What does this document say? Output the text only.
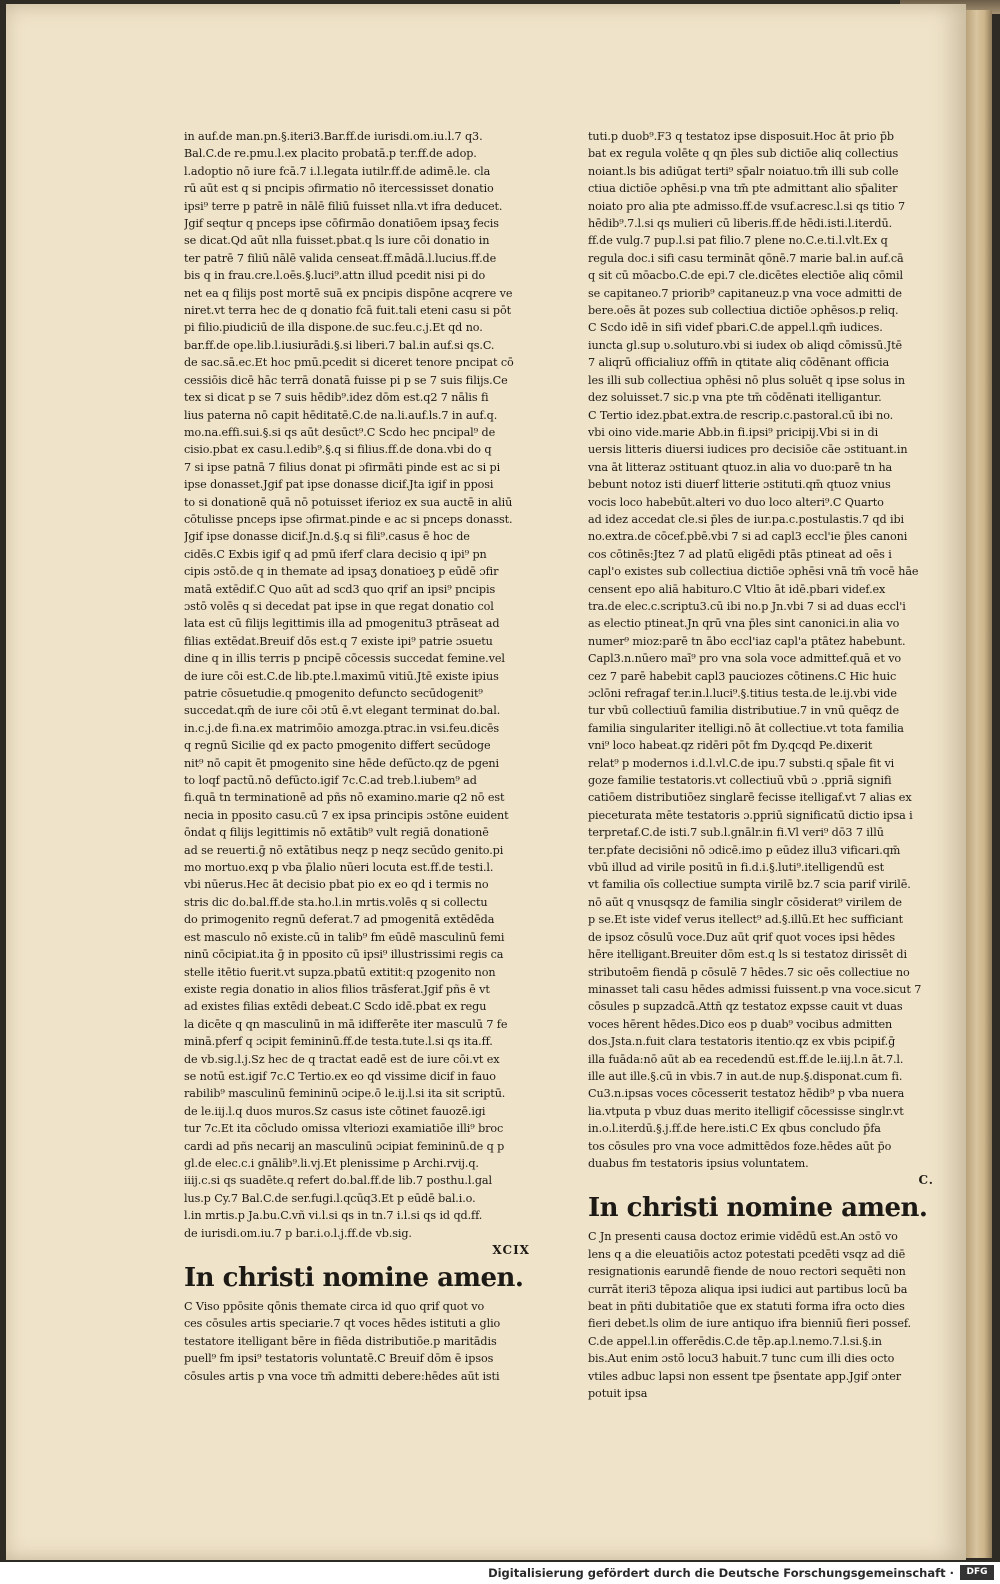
in auf.de man.pn.§.iteri3.Bar.ff.de iurisdi.om.iu.l.7 q3.
Bal.C.de re.pmu.l.ex placito probatā.p ter.ff.de adop.
l.adoptio nō iure fcā.7 i.l.legata iutilr.ff.de adimē.le. cla
rū aūt est q si pncipis ɔfirmatio nō itercessisset donatio
ipsi⁹ terre p patrē in nālē filiū fuisset nlla.vt ifra deducet.
Jgif seqtur q pnceps ipse cōfirmāo donatiōem ipsaʒ fecis
se dicat.Qd aūt nlla fuisset.pbat.q ls iure cōi donatio in
ter patrē 7 filiū nālē valida censeat.ff.mādā.l.lucius.ff.de
bis q in frau.cre.l.oēs.§.luci⁹.attn illud pcedit nisi pi do
net ea q filijs post mortē suā ex pncipis dispōne acqrere ve
niret.vt terra hec de q donatio fcā fuit.tali eteni casu si pōt
pi filio.piudiciū de illa dispone.de suc.feu.c.j.Et qd no.
bar.ff.de ope.lib.l.iusiurādi.§.si liberi.7 bal.in auf.si qs.C.
de sac.sā.ec.Et hoc pmū.pcedit si diceret tenore pncipat cō
cessiōis dicē hāc terrā donatā fuisse pi p se 7 suis filijs.Ce
tex si dicat p se 7 suis hēdib⁹.idez dōm est.q2 7 nālis fi
lius paterna nō capit hēditatē.C.de na.li.auf.ls.7 in auf.q.
mo.na.effi.sui.§.si qs aūt desūct⁹.C Scdo hec pncipal⁹ de
cisio.pbat ex casu.l.edib⁹.§.q si filius.ff.de dona.vbi do q
7 si ipse patnā 7 filius donat pi ɔfirmāti pinde est ac si pi
ipse donasset.Jgif pat ipse donasse dicif.Jta igif in pposi
to si donationē quā nō potuisset iferioz ex sua auctē in aliū
cōtulisse pnceps ipse ɔfirmat.pinde e ac si pnceps donasst.
Jgif ipse donasse dicif.Jn.d.§.q si fili⁹.casus ē hoc de
cidēs.C Exbis igif q ad pmū iferf clara decisio q ipi⁹ pn
cipis ɔstō.de q in themate ad ipsaʒ donatioeʒ p eūdē ɔfir
matā extēdif.C Quo aūt ad scd3 quo qrif an ipsi⁹ pncipis
ɔstō volēs q si decedat pat ipse in que regat donatio col
lata est cū filijs legittimis illa ad pmogenitu3 ptrāseat ad
filias extēdat.Breuif dōs est.q 7 existe ipi⁹ patrie ɔsuetu
dine q in illis terris p pncipē cōcessis succedat femine.vel
de iure cōi est.C.de lib.pte.l.maximū vitiū.Jtē existe ipius
patrie cōsuetudie.q pmogenito defuncto secūdogenit⁹
succedat.qm̄ de iure cōi ɔtū ē.vt elegant terminat do.bal.
in.c.j.de fi.na.ex matrimōio amozga.ptrac.in vsi.feu.dicēs
q regnū Sicilie qd ex pacto pmogenito differt secūdoge
nit⁹ nō capit ēt pmogenito sine hēde defūcto.qz de pgeni
to loqf pactū.nō defūcto.igif 7c.C.ad treb.l.iubem⁹ ad
fi.quā tn terminationē ad pñs nō examino.marie q2 nō est
necia in pposito casu.cū 7 ex ipsa principis ɔstōne euident
ōndat q filijs legittimis nō extātib⁹ vult regiā donationē
ad se reuerti.ḡ nō extātibus neqz p neqz secūdo genito.pi
mo mortuo.exq p vba p̄lalio nūeri locuta est.ff.de testi.l.
vbi nūerus.Hec āt decisio pbat pio ex eo qd i termis no
stris dic do.bal.ff.de sta.ho.l.in mrtis.volēs q si collectu
do primogenito regnū deferat.7 ad pmogenitā extēdēda
est masculo nō existe.cū in talib⁹ fm eūdē masculinū femi
ninū cōcipiat.ita ḡ in pposito cū ipsi⁹ illustrissimi regis ca
stelle itētio fuerit.vt supza.pbatū extitit:q pzogenito non
existe regia donatio in alios filios trāsferat.Jgif pñs ē vt
ad existes filias extēdi debeat.C Scdo idē.pbat ex regu
la dicēte q qn masculinū in mā idifferēte iter masculū 7 fe
minā.pferf q ɔcipit femininū.ff.de testa.tute.l.si qs ita.ff.
de vb.sig.l.j.Sz hec de q tractat eadē est de iure cōi.vt ex
se notū est.igif 7c.C Tertio.ex eo qd vissime dicif in fauo
rabilib⁹ masculinū femininū ɔcipe.ō le.ij.l.si ita sit scriptū.
de le.iij.l.q duos muros.Sz casus iste cōtinet fauozē.igi
tur 7c.Et ita cōcludo omissa vlteriozi examiatiōe illi⁹ broc
cardi ad pñs necarij an masculinū ɔcipiat femininū.de q p
gl.de elec.c.i gnālib⁹.li.vj.Et plenissime p Archi.rvij.q.
iiij.c.si qs suadēte.q refert do.bal.ff.de lib.7 posthu.l.gal
lus.p Cy.7 Bal.C.de ser.fugi.l.qcūq3.Et p eūdē bal.i.o.
l.in mrtis.p Ja.bu.C.vñ vi.l.si qs in tn.7 i.l.si qs id qd.ff.
de iurisdi.om.iu.7 p bar.i.o.l.j.ff.de vb.sig.
XCIX
In christi nomine amen.
C Viso ppōsite qōnis themate circa id quo qrif quot vo
ces cōsules artis speciarie.7 qt voces hēdes istituti a glio
testatore itelligant bēre in fiēda distributiōe.p maritādis
puell⁹ fm ipsi⁹ testatoris voluntatē.C Breuif dōm ē ipsos
cōsules artis p vna voce tm̄ admitti debere:hēdes aūt isti
tuti.p duob⁹.F3 q testatoz ipse disposuit.Hoc āt prio p̄b
bat ex regula volēte q qn p̄les sub dictiōe aliq collectius
noiant.ls bis adiūgat terti⁹ sp̄alr noiatuo.tm̄ illi sub colle
ctiua dictiōe ɔphēsi.p vna tm̄ pte admittant alio sp̄aliter
noiato pro alia pte admisso.ff.de vsuf.acresc.l.si qs titio 7
hēdib⁹.7.l.si qs mulieri cū liberis.ff.de hēdi.isti.l.iterdū.
ff.de vulg.7 pup.l.si pat filio.7 plene no.C.e.ti.l.vlt.Ex q
regula doc.i sifi casu termināt qōnē.7 marie bal.in auf.cā
q sit cū mōacbo.C.de epi.7 cle.dicētes electiōe aliq cōmil
se capitaneo.7 priorib⁹ capitaneuz.p vna voce admitti de
bere.oēs āt pozes sub collectiua dictiōe ɔphēsos.p reliq.
C Scdo idē in sifi videf pbari.C.de appel.l.qm̄ iudices.
iuncta gl.sup ʋ.soluturo.vbi si iudex ob aliqd cōmissū.Jtē
7 aliqrū officialiuz offm̄ in qtitate aliq cōdēnant officia
les illi sub collectiua ɔphēsi nō plus soluēt q ipse solus in
dez soluisset.7 sic.p vna pte tm̄ cōdēnati itelligantur.
C Tertio idez.pbat.extra.de rescrip.c.pastoral.cū ibi no.
vbi oino vide.marie Abb.in fi.ipsi⁹ pricipij.Vbi si in di
uersis litteris diuersi iudices pro decisiōe cāe ɔstituant.in
vna āt litteraz ɔstituant qtuoz.in alia vo duo:parē tn ha
bebunt notoz isti diuerf litterie ɔstituti.qm̄ qtuoz vnius
vocis loco habebūt.alteri vo duo loco alteri⁹.C Quarto
ad idez accedat cle.si p̄les de iur.pa.c.postulastis.7 qd ibi
no.extra.de cōcef.pbē.vbi 7 si ad capl3 eccl'ie p̄les canoni
cos cōtinēs:Jtez 7 ad platū eligēdi ptās ptineat ad oēs i
capl'o existes sub collectiua dictiōe ɔphēsi vnā tm̄ vocē hāe
censent epo aliā habituro.C Vltio āt idē.pbari videf.ex
tra.de elec.c.scriptu3.cū ibi no.p Jn.vbi 7 si ad duas eccl'i
as electio ptineat.Jn qrū vna p̄les sint canonici.in alia vo
numer⁹ mioz:parē tn ābo eccl'iaz capl'a ptātez habebunt.
Capl3.n.nūero maī⁹ pro vna sola voce admittef.quā et vo
cez 7 parē habebit capl3 pauciozes cōtinens.C Hic huic
ɔclōni refragaf ter.in.l.luci⁹.§.titius testa.de le.ij.vbi vide
tur vbū collectiuū familia distributiue.7 in vnū quēqz de
familia singulariter itelligi.nō āt collectiue.vt tota familia
vni⁹ loco habeat.qz ridēri pōt fm Dy.qcqd Pe.dixerit
relat⁹ p modernos i.d.l.vl.C.de ipu.7 substi.q sp̄ale fit vi
goze familie testatoris.vt collectiuū vbū ɔ .ppriā signifi
catiōem distributiōez singlarē fecisse itelligaf.vt 7 alias ex
pieceturata mēte testatoris ɔ.ppriū significatū dictio ipsa i
terpretaf.C.de isti.7 sub.l.gnālr.in fi.Vl veri⁹ dō3 7 illū
ter.pfate decisiōni nō ɔdicē.imo p eūdez illu3 vificari.qm̄
vbū illud ad virile positū in fi.d.i.§.luti⁹.itelligendū est
vt familia oīs collectiue sumpta virilē bz.7 scia parif virilē.
nō aūt q vnusqsqz de familia singlr cōsiderat⁹ virilem de
p se.Et iste videf verus itellect⁹ ad.§.illū.Et hec sufficiant
de ipsoz cōsulū voce.Duz aūt qrif quot voces ipsi hēdes
hēre itelligant.Breuiter dōm est.q ls si testatoz dirissēt di
stributoēm fiendā p cōsulē 7 hēdes.7 sic oēs collectiue no
minasset tali casu hēdes admissi fuissent.p vna voce.sicut 7
cōsules p supzadcā.Attn̄ qz testatoz expsse cauit vt duas
voces hērent hēdes.Dico eos p duab⁹ vocibus admitten
dos.Jsta.n.fuit clara testatoris itentio.qz ex vbis pcipif.ḡ
illa fuāda:nō aūt ab ea recedendū est.ff.de le.iij.l.n āt.7.l.
ille aut ille.§.cū in vbis.7 in aut.de nup.§.disponat.cum fi.
Cu3.n.ipsas voces cōcesserit testatoz hēdib⁹ p vba nuera
lia.vtputa p vbuz duas merito itelligif cōcessisse singlr.vt
in.o.l.iterdū.§.j.ff.de here.isti.C Ex qbus concludo p̄fa
tos cōsules pro vna voce admittēdos foze.hēdes aūt p̄o
duabus fm testatoris ipsius voluntatem.
C.
In christi nomine amen.
C Jn presenti causa doctoz erimie vidēdū est.An ɔstō vo
lens q a die eleuatiōis actoz potestati pcedēti vsqz ad diē
resignationis earundē fiende de nouo rectori sequēti non
currāt iteri3 tēpoza aliqua ipsi iudici aut partibus locū ba
beat in pñti dubitatiōe que ex statuti forma ifra octo dies
fieri debet.ls olim de iure antiquo ifra bienniū fieri possef.
C.de appel.l.in offerēdis.C.de tēp.ap.l.nemo.7.l.si.§.in
bis.Aut enim ɔstō locu3 habuit.7 tunc cum illi dies octo
vtiles adbuc lapsi non essent tpe p̄sentate app.Jgif ɔnter
potuit ipsa
Digitalisierung gefördert durch die Deutsche Forschungsgemeinschaft ·	DFG
